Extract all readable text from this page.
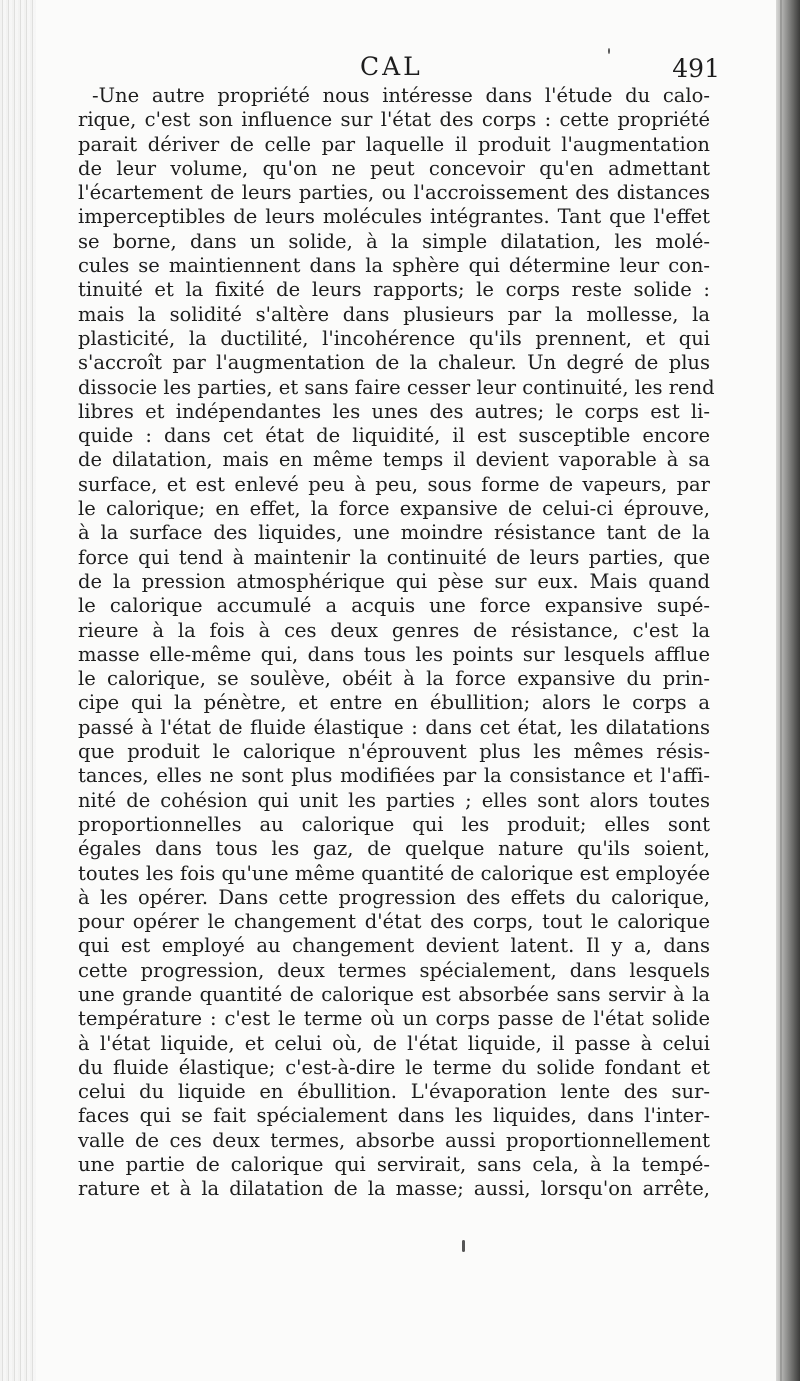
CAL	491
-Une autre propriété nous intéresse dans l'étude du calo-
rique, c'est son influence sur l'état des corps : cette propriété
parait dériver de celle par laquelle il produit l'augmentation
de leur volume, qu'on ne peut concevoir qu'en admettant
l'écartement de leurs parties, ou l'accroissement des distances
imperceptibles de leurs molécules intégrantes. Tant que l'effet
se borne, dans un solide, à la simple dilatation, les molé-
cules se maintiennent dans la sphère qui détermine leur con-
tinuité et la fixité de leurs rapports; le corps reste solide :
mais la solidité s'altère dans plusieurs par la mollesse, la
plasticité, la ductilité, l'incohérence qu'ils prennent, et qui
s'accroît par l'augmentation de la chaleur. Un degré de plus
dissocie les parties, et sans faire cesser leur continuité, les rend
libres et indépendantes les unes des autres; le corps est li-
quide : dans cet état de liquidité, il est susceptible encore
de dilatation, mais en même temps il devient vaporable à sa
surface, et est enlevé peu à peu, sous forme de vapeurs, par
le calorique; en effet, la force expansive de celui-ci éprouve,
à la surface des liquides, une moindre résistance tant de la
force qui tend à maintenir la continuité de leurs parties, que
de la pression atmosphérique qui pèse sur eux. Mais quand
le calorique accumulé a acquis une force expansive supé-
rieure à la fois à ces deux genres de résistance, c'est la
masse elle-même qui, dans tous les points sur lesquels afflue
le calorique, se soulève, obéit à la force expansive du prin-
cipe qui la pénètre, et entre en ébullition; alors le corps a
passé à l'état de fluide élastique : dans cet état, les dilatations
que produit le calorique n'éprouvent plus les mêmes résis-
tances, elles ne sont plus modifiées par la consistance et l'affi-
nité de cohésion qui unit les parties ; elles sont alors toutes
proportionnelles au calorique qui les produit; elles sont
égales dans tous les gaz, de quelque nature qu'ils soient,
toutes les fois qu'une même quantité de calorique est employée
à les opérer. Dans cette progression des effets du calorique,
pour opérer le changement d'état des corps, tout le calorique
qui est employé au changement devient latent. Il y a, dans
cette progression, deux termes spécialement, dans lesquels
une grande quantité de calorique est absorbée sans servir à la
température : c'est le terme où un corps passe de l'état solide
à l'état liquide, et celui où, de l'état liquide, il passe à celui
du fluide élastique; c'est-à-dire le terme du solide fondant et
celui du liquide en ébullition. L'évaporation lente des sur-
faces qui se fait spécialement dans les liquides, dans l'inter-
valle de ces deux termes, absorbe aussi proportionnellement
une partie de calorique qui servirait, sans cela, à la tempé-
rature et à la dilatation de la masse; aussi, lorsqu'on arrête,
